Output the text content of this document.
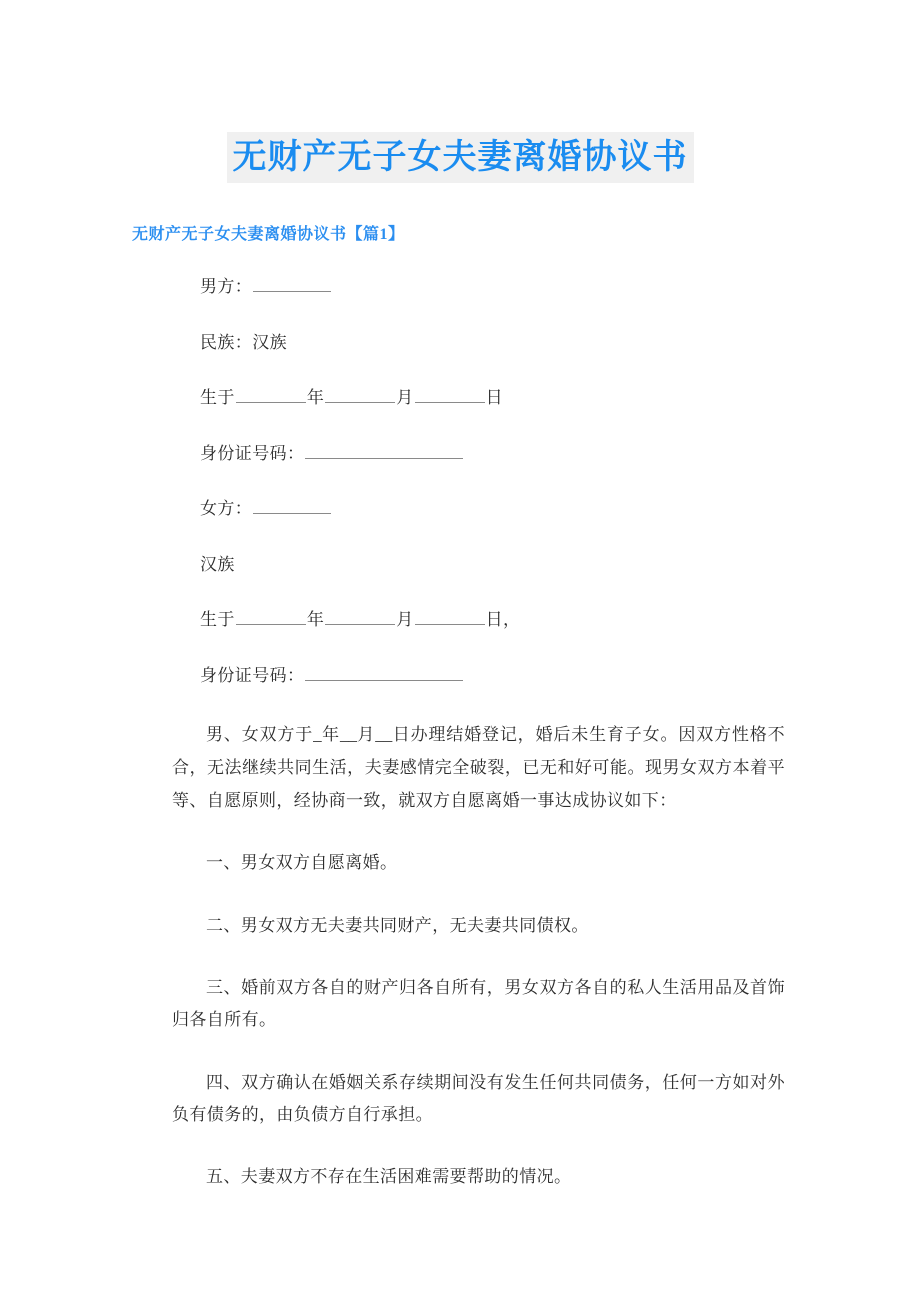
无财产无子女夫妻离婚协议书
无财产无子女夫妻离婚协议书【篇1】
男方：
民族：汉族
生于	年	月	日
身份证号码：
女方：
汉族
生于	年	月	日，
身份证号码：
男、女双方于_年__月__日办理结婚登记，婚后未生育子女。因双方性格不合，无法继续共同生活，夫妻感情完全破裂，已无和好可能。现男女双方本着平等、自愿原则，经协商一致，就双方自愿离婚一事达成协议如下：
一、男女双方自愿离婚。
二、男女双方无夫妻共同财产，无夫妻共同债权。
三、婚前双方各自的财产归各自所有，男女双方各自的私人生活用品及首饰归各自所有。
四、双方确认在婚姻关系存续期间没有发生任何共同债务，任何一方如对外负有债务的，由负债方自行承担。
五、夫妻双方不存在生活困难需要帮助的情况。
